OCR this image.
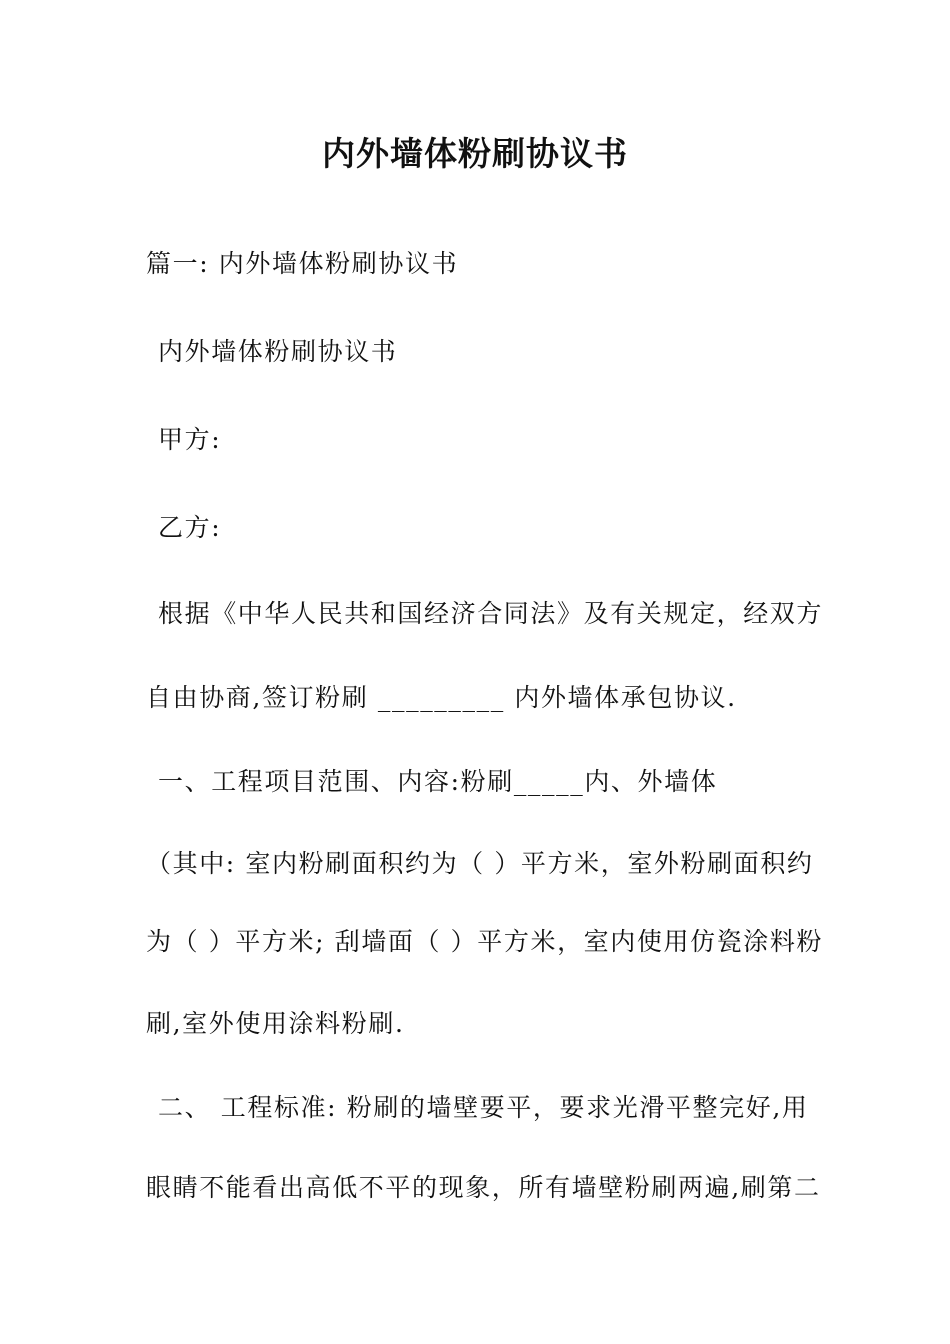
内外墙体粉刷协议书
篇一: 内外墙体粉刷协议书
内外墙体粉刷协议书
甲方:
乙方:
根据《中华人民共和国经济合同法》及有关规定，经双方
自由协商,签订粉刷 _________ 内外墙体承包协议.
一、工程项目范围、内容:粉刷_____内、外墙体
（其中: 室内粉刷面积约为（ ）平方米，室外粉刷面积约
为（ ）平方米; 刮墙面（ ）平方米，室内使用仿瓷涂料粉
刷,室外使用涂料粉刷.
二、 工程标准: 粉刷的墙壁要平，要求光滑平整完好,用
眼睛不能看出高低不平的现象，所有墙壁粉刷两遍,刷第二
